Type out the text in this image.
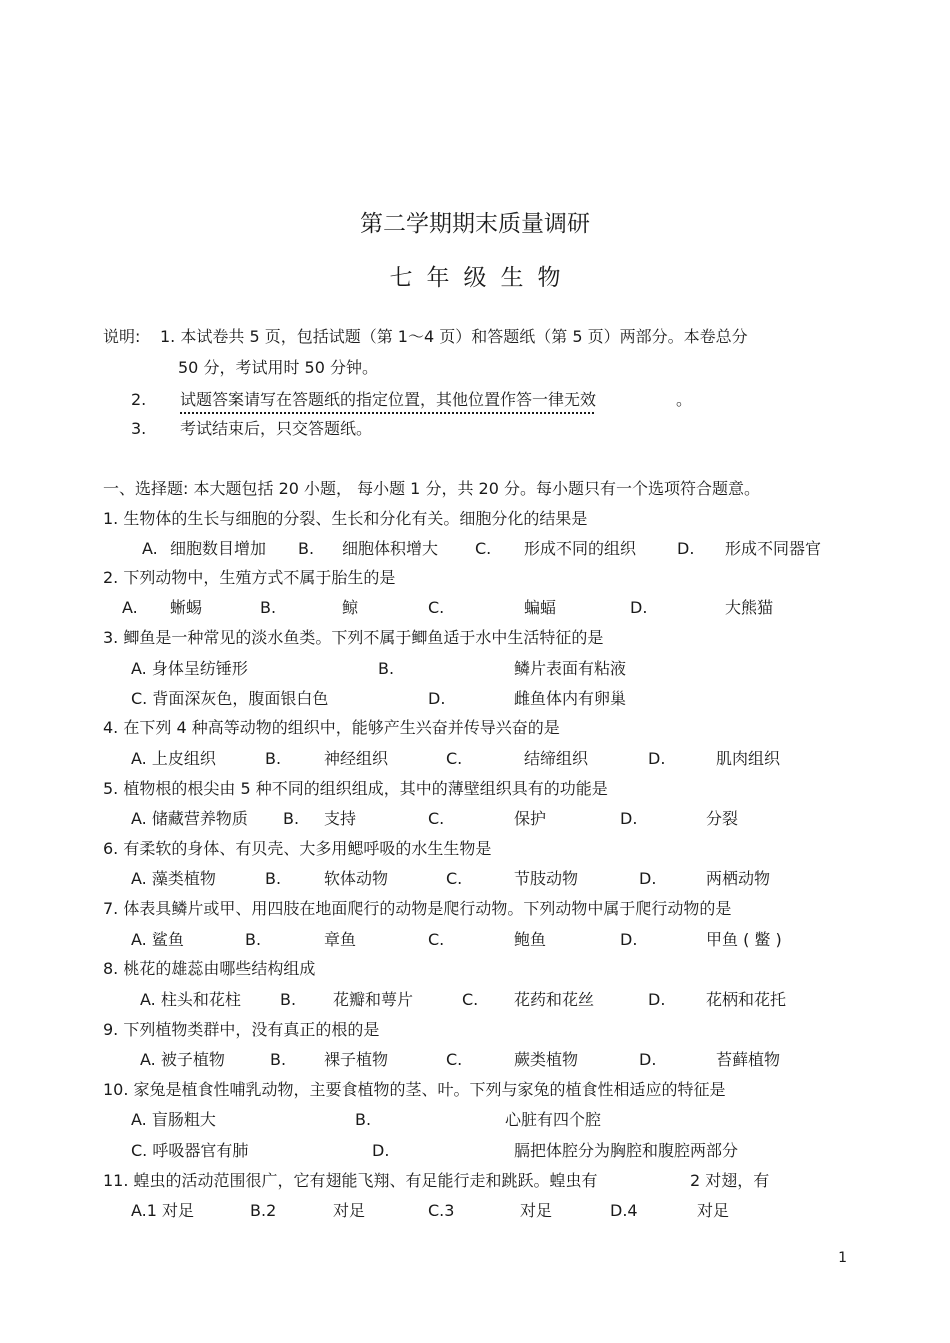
第二学期期末质量调研
七年级生物
说明: 1. 本试卷共 5 页，包括试题（第 1～4 页）和答题纸（第 5 页）两部分。本卷总分
50 分，考试用时 50 分钟。
2. 试题答案请写在答题纸的指定位置，其他位置作答一律无效	。
3. 考试结束后，只交答题纸。
一、选择题: 本大题包括 20 小题， 每小题 1 分，共 20 分。每小题只有一个选项符合题意。
1. 生物体的生长与细胞的分裂、生长和分化有关。细胞分化的结果是
A. 细胞数目增加 B. 细胞体积增大 C. 形成不同的组织	D. 形成不同器官
2. 下列动物中，生殖方式不属于胎生的是
A. 蜥蜴	B.	鲸	C.	蝙蝠	D.	大熊猫
3. 鲫鱼是一种常见的淡水鱼类。下列不属于鲫鱼适于水中生活特征的是
A. 身体呈纺锤形	B.	鳞片表面有粘液
C. 背面深灰色，腹面银白色	D.	雌鱼体内有卵巢
4. 在下列 4 种高等动物的组织中，能够产生兴奋并传导兴奋的是
A. 上皮组织	B.	神经组织	C.	结缔组织	D.	肌肉组织
5. 植物根的根尖由 5 种不同的组织组成，其中的薄壁组织具有的功能是
A. 储藏营养物质 B. 支持	C.	保护	D.	分裂
6. 有柔软的身体、有贝壳、大多用鳃呼吸的水生生物是
A. 藻类植物	B.	软体动物	C.	节肢动物	D.	两栖动物
7. 体表具鳞片或甲、用四肢在地面爬行的动物是爬行动物。下列动物中属于爬行动物的是
A. 鲨鱼	B.	章鱼	C.	鲍鱼	D.	甲鱼 ( 鳖 )
8. 桃花的雄蕊由哪些结构组成
A. 柱头和花柱 B. 花瓣和萼片	C. 花药和花丝	D.	花柄和花托
9. 下列植物类群中，没有真正的根的是
A. 被子植物	B. 裸子植物	C.	蕨类植物	D.	苔藓植物
10. 家兔是植食性哺乳动物，主要食植物的茎、叶。下列与家兔的植食性相适应的特征是
A. 盲肠粗大	B.	心脏有四个腔
C. 呼吸器官有肺	D.	膈把体腔分为胸腔和腹腔两部分
11. 蝗虫的活动范围很广，它有翅能飞翔、有足能行走和跳跃。蝗虫有	2 对翅，有
A.1 对足	B.2	对足	C.3	对足	D.4	对足
1
